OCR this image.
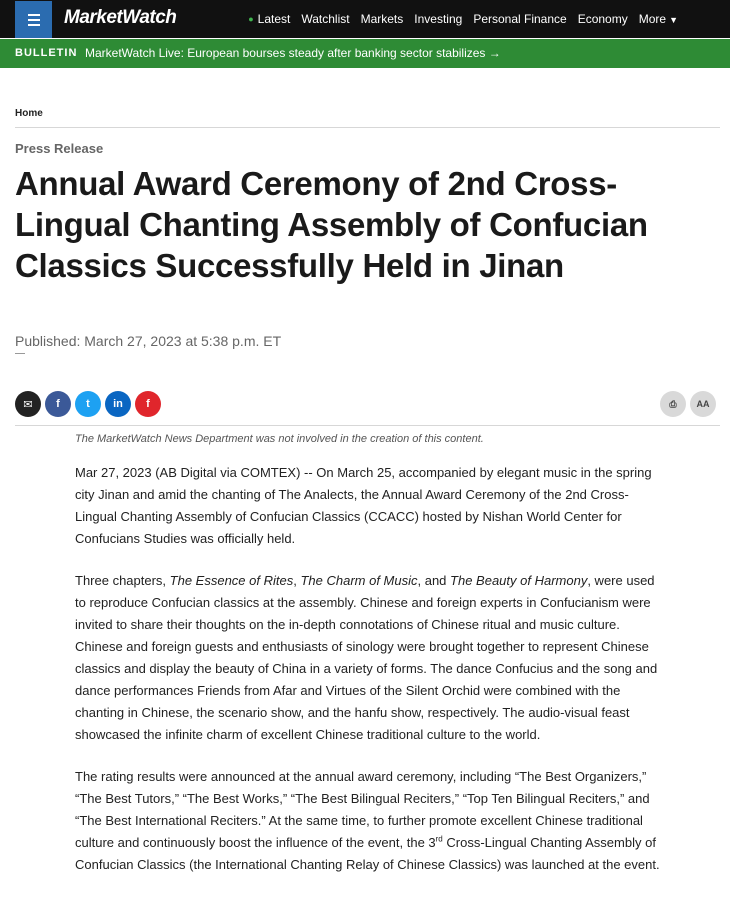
MarketWatch	● Latest Watchlist Markets Investing Personal Finance Economy More ▼
BULLETIN MarketWatch Live: European bourses steady after banking sector stabilizes →
Home
Press Release
Annual Award Ceremony of 2nd Cross-Lingual Chanting Assembly of Confucian Classics Successfully Held in Jinan
Published: March 27, 2023 at 5:38 p.m. ET
✉	f	t	in	f	⎙	AA
The MarketWatch News Department was not involved in the creation of this content.

Mar 27, 2023 (AB Digital via COMTEX) -- On March 25, accompanied by elegant music in the spring city Jinan and amid the chanting of The Analects, the Annual Award Ceremony of the 2nd Cross-Lingual Chanting Assembly of Confucian Classics (CCACC) hosted by Nishan World Center for Confucians Studies was officially held.

Three chapters, The Essence of Rites, The Charm of Music, and The Beauty of Harmony, were used to reproduce Confucian classics at the assembly. Chinese and foreign experts in Confucianism were invited to share their thoughts on the in-depth connotations of Chinese ritual and music culture. Chinese and foreign guests and enthusiasts of sinology were brought together to represent Chinese classics and display the beauty of China in a variety of forms. The dance Confucius and the song and dance performances Friends from Afar and Virtues of the Silent Orchid were combined with the chanting in Chinese, the scenario show, and the hanfu show, respectively. The audio-visual feast showcased the infinite charm of excellent Chinese traditional culture to the world.

The rating results were announced at the annual award ceremony, including “The Best Organizers,” “The Best Tutors,” “The Best Works,” “The Best Bilingual Reciters,” “Top Ten Bilingual Reciters,” and “The Best International Reciters.” At the same time, to further promote excellent Chinese traditional culture and continuously boost the influence of the event, the 3rd Cross-Lingual Chanting Assembly of Confucian Classics (the International Chanting Relay of Chinese Classics) was launched at the event.
